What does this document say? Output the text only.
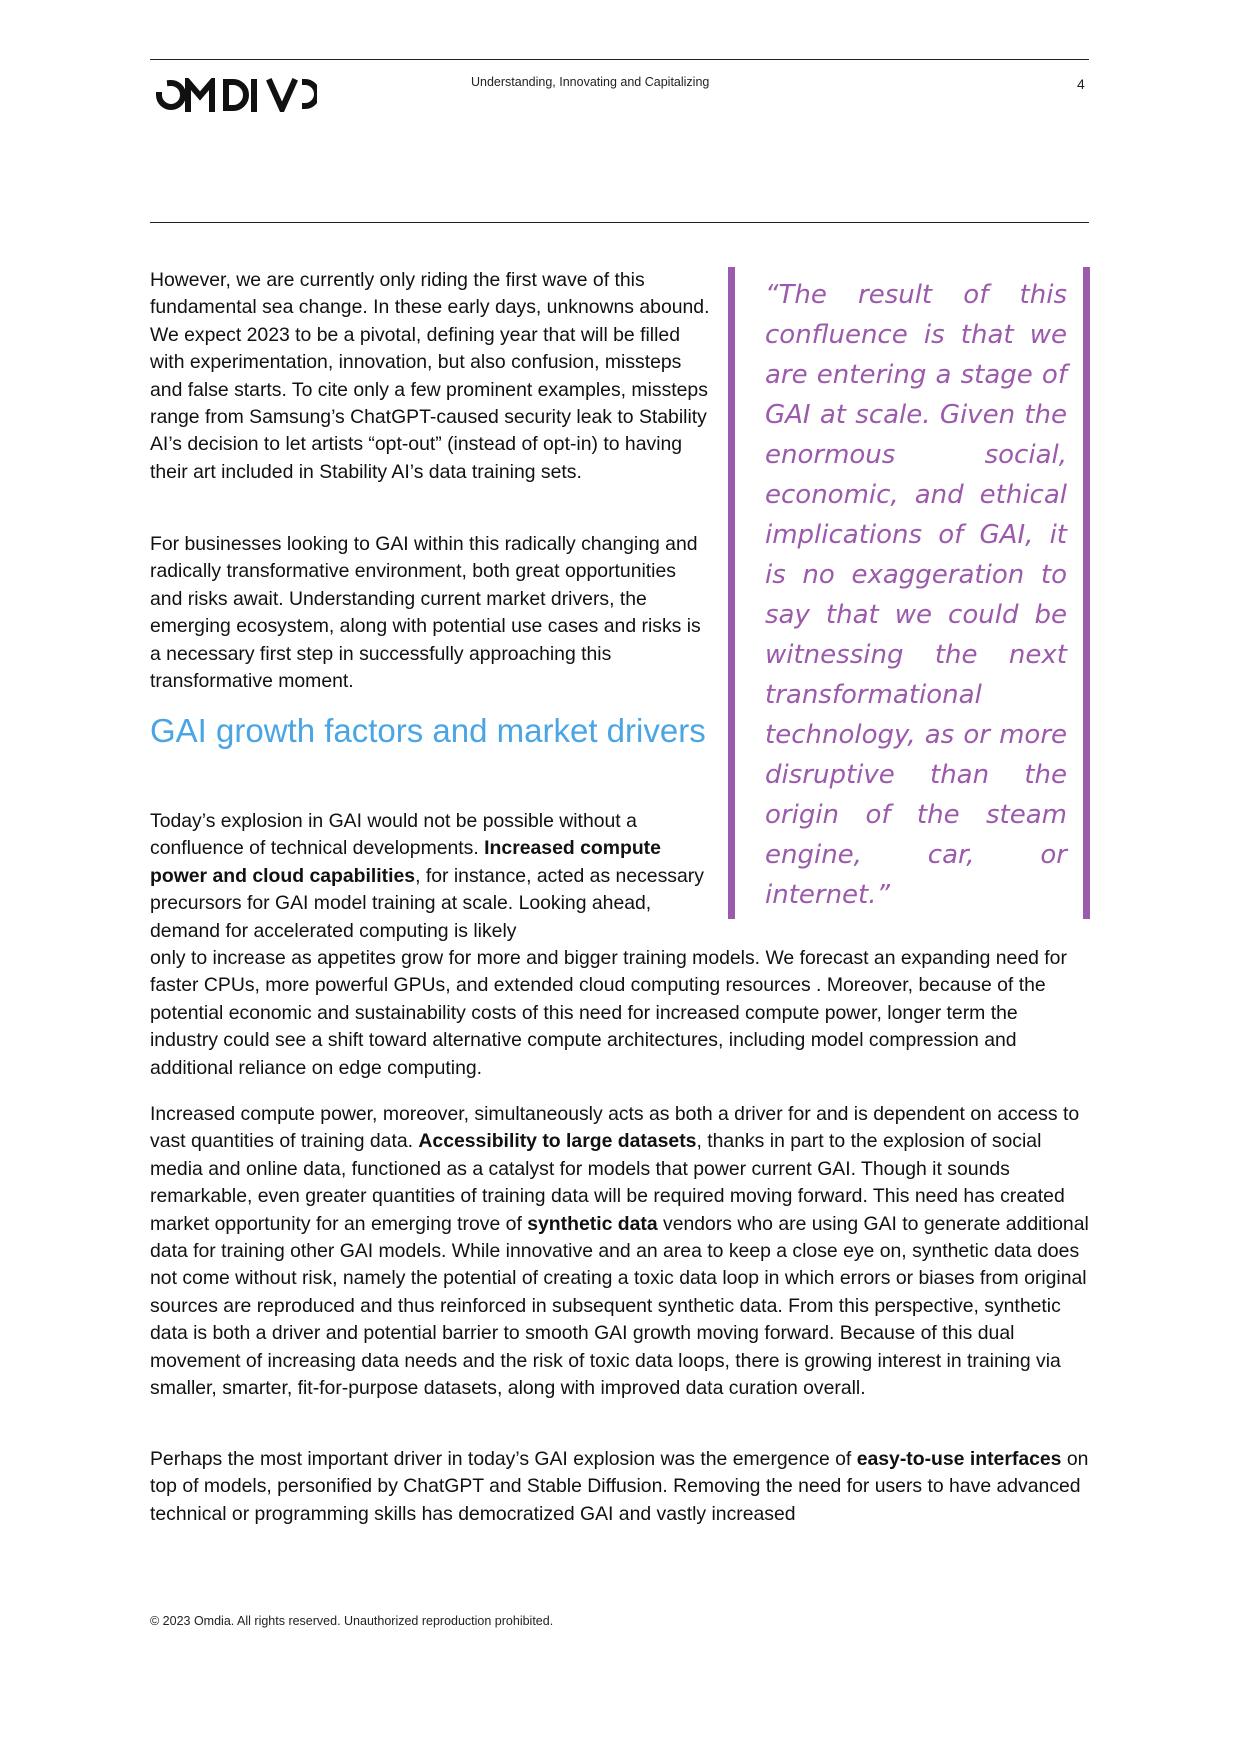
Understanding, Innovating and Capitalizing	4

However, we are currently only riding the first wave of this fundamental sea change. In these early days, unknowns abound. We expect 2023 to be a pivotal, defining year that will be filled with experimentation, innovation, but also confusion, missteps and false starts. To cite only a few prominent examples, missteps range from Samsung’s ChatGPT-caused security leak to Stability AI’s decision to let artists “opt-out” (instead of opt-in) to having their art included in Stability AI’s data training sets.

For businesses looking to GAI within this radically changing and radically transformative environment, both great opportunities and risks await. Understanding current market drivers, the emerging ecosystem, along with potential use cases and risks is a necessary first step in successfully approaching this transformative moment.

GAI growth factors and market drivers

Today’s explosion in GAI would not be possible without a confluence of technical developments. Increased compute power and cloud capabilities, for instance, acted as necessary precursors for GAI model training at scale. Looking ahead, demand for accelerated computing is likely
only to increase as appetites grow for more and bigger training models. We forecast an expanding need for faster CPUs, more powerful GPUs, and extended cloud computing resources . Moreover, because of the potential economic and sustainability costs of this need for increased compute power, longer term the industry could see a shift toward alternative compute architectures, including model compression and additional reliance on edge computing.

Increased compute power, moreover, simultaneously acts as both a driver for and is dependent on access to vast quantities of training data. Accessibility to large datasets, thanks in part to the explosion of social media and online data, functioned as a catalyst for models that power current GAI. Though it sounds remarkable, even greater quantities of training data will be required moving forward. This need has created market opportunity for an emerging trove of synthetic data vendors who are using GAI to generate additional data for training other GAI models. While innovative and an area to keep a close eye on, synthetic data does not come without risk, namely the potential of creating a toxic data loop in which errors or biases from original sources are reproduced and thus reinforced in subsequent synthetic data. From this perspective, synthetic data is both a driver and potential barrier to smooth GAI growth moving forward. Because of this dual movement of increasing data needs and the risk of toxic data loops, there is growing interest in training via smaller, smarter, fit-for-purpose datasets, along with improved data curation overall.

Perhaps the most important driver in today’s GAI explosion was the emergence of easy-to-use interfaces on top of models, personified by ChatGPT and Stable Diffusion. Removing the need for users to have advanced technical or programming skills has democratized GAI and vastly increased

“The result of this confluence is that we are entering a stage of GAI at scale. Given the enormous social, economic, and ethical implications of GAI, it is no exaggeration to say that we could be witnessing the next transformational technology, as or more disruptive than the origin of the steam engine, car, or internet.”

© 2023 Omdia. All rights reserved. Unauthorized reproduction prohibited.
